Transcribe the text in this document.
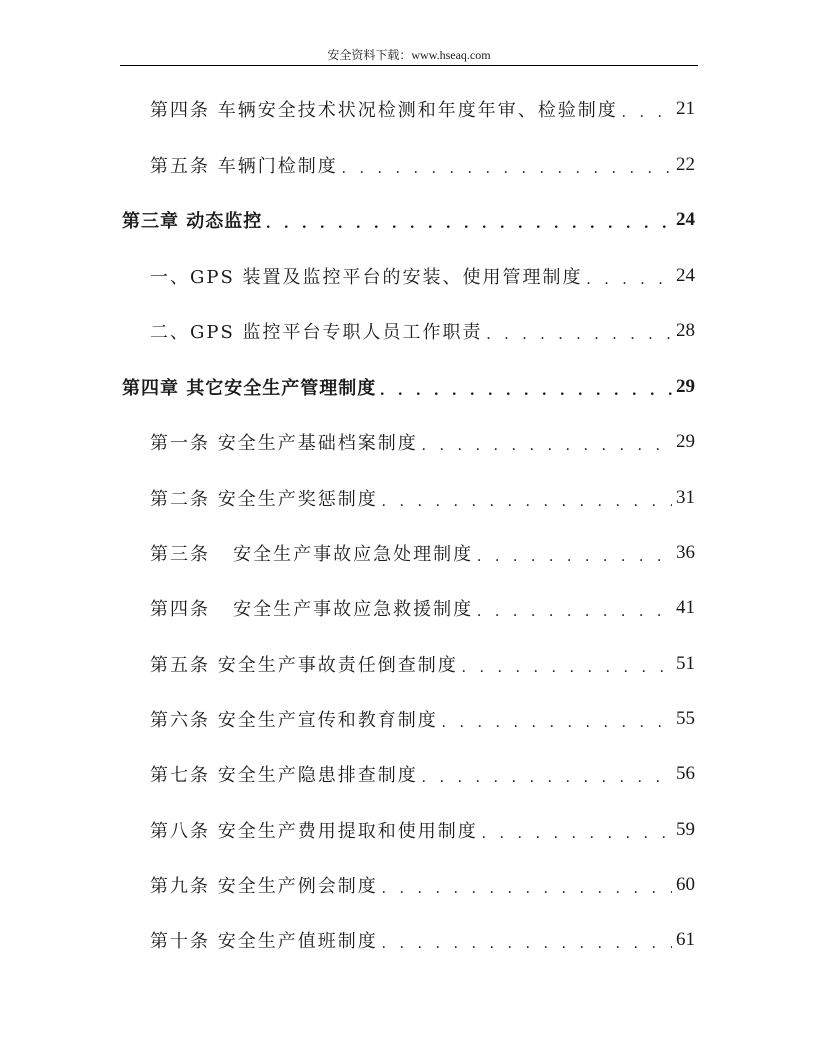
安全资料下载：www.hseaq.com
第四条 车辆安全技术状况检测和年度年审、检验制度 . . .	21
第五条 车辆门检制度 . . .	22
第三章 动态监控 . . .	24
一、GPS 装置及监控平台的安装、使用管理制度 . . .	24
二、GPS 监控平台专职人员工作职责 . . .	28
第四章 其它安全生产管理制度 . . .	29
第一条 安全生产基础档案制度 . . .	29
第二条 安全生产奖惩制度 . . .	31
第三条   安全生产事故应急处理制度 . . .	36
第四条   安全生产事故应急救援制度 . . .	41
第五条 安全生产事故责任倒查制度 . . .	51
第六条 安全生产宣传和教育制度 . . .	55
第七条 安全生产隐患排查制度 . . .	56
第八条 安全生产费用提取和使用制度 . . .	59
第九条 安全生产例会制度 . . .	60
第十条 安全生产值班制度 . . .	61
